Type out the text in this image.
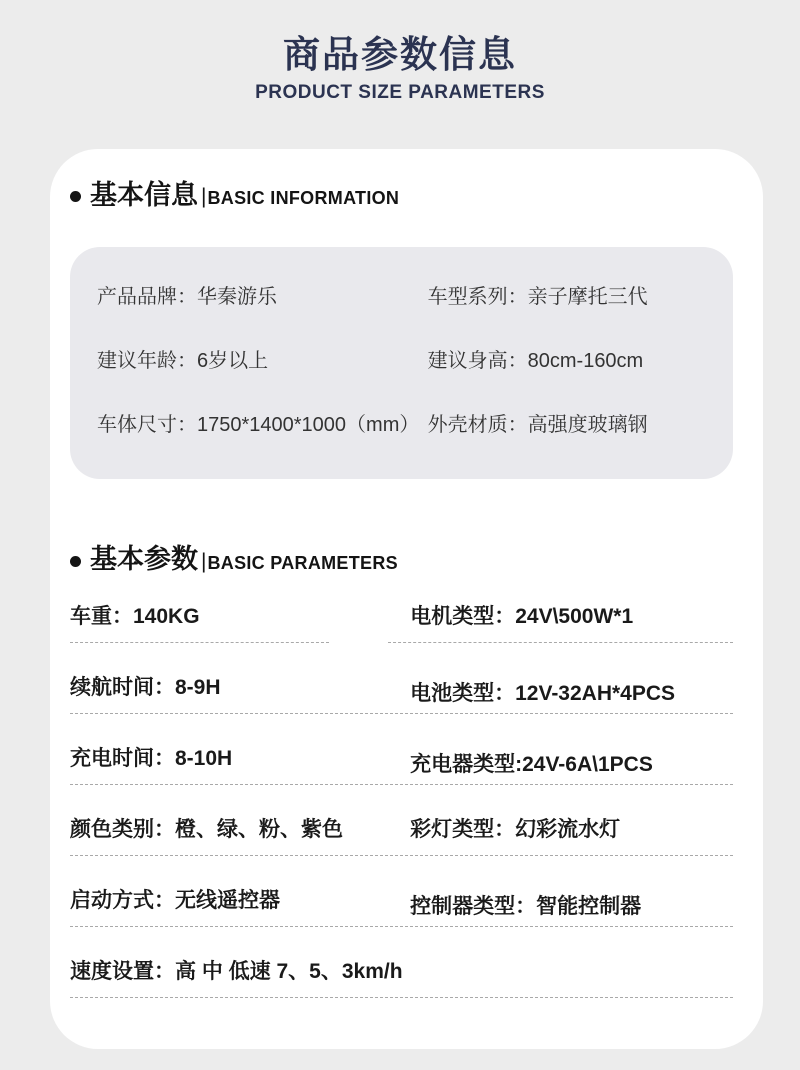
商品参数信息
PRODUCT SIZE PARAMETERS
基本信息 | BASIC INFORMATION
产品品牌：华秦游乐	车型系列：亲子摩托三代
建议年龄：6岁以上	建议身高：80cm-160cm
车体尺寸：1750*1400*1000（mm） 外壳材质：高强度玻璃钢
基本参数 | BASIC PARAMETERS
车重：140KG	电机类型：24V\500W*1
续航时间：8-9H	电池类型：12V-32AH*4PCS
充电时间：8-10H	充电器类型:24V-6A\1PCS
颜色类别：橙、绿、粉、紫色	彩灯类型：幻彩流水灯
启动方式：无线遥控器	控制器类型：智能控制器
速度设置：高 中 低速 7、5、3km/h
